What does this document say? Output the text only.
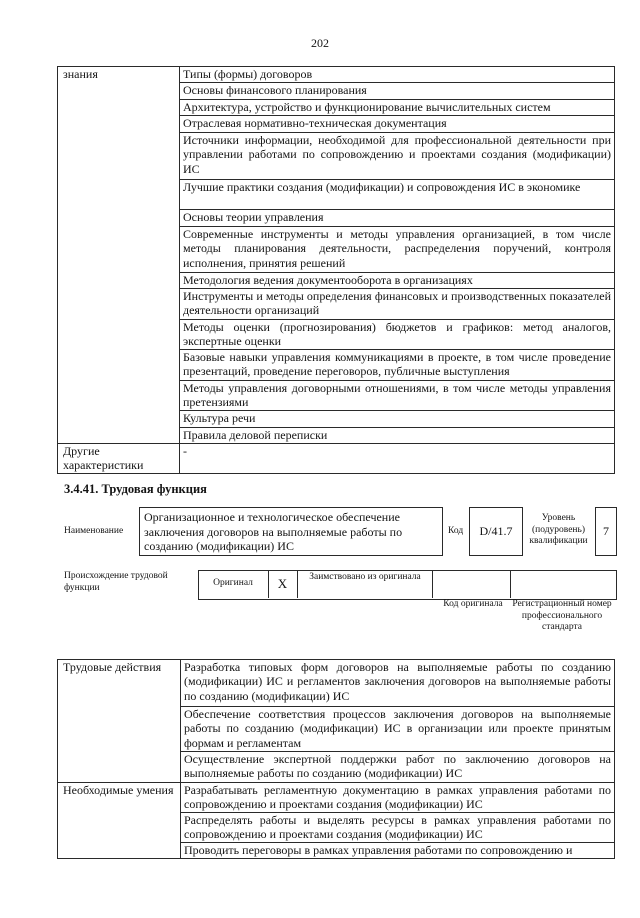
202
знания	Типы (формы) договоров
	Основы финансового планирования
	Архитектура, устройство и функционирование вычислительных систем
	Отраслевая нормативно-техническая документация
	Источники информации, необходимой для профессиональной деятельности при управлении работами по сопровождению и проектами создания (модификации) ИС
	Лучшие практики создания (модификации) и сопровождения ИС в экономике
	Основы теории управления
	Современные инструменты и методы управления организацией, в том числе методы планирования деятельности, распределения поручений, контроля исполнения, принятия решений
	Методология ведения документооборота в организациях
	Инструменты и методы определения финансовых и производственных показателей деятельности организаций
	Методы оценки (прогнозирования) бюджетов и графиков: метод аналогов, экспертные оценки
	Базовые навыки управления коммуникациями в проекте, в том числе проведение презентаций, проведение переговоров, публичные выступления
	Методы управления договорными отношениями, в том числе методы управления претензиями
	Культура речи
	Правила деловой переписки
Другие характеристики	-
3.4.41. Трудовая функция
Наименование
Организационное и технологическое обеспечение заключения договоров на выполняемые работы по созданию (модификации) ИС
Код	D/41.7
Уровень (подуровень) квалификации
7
Происхождение трудовой функции	Оригинал	X	Заимствовано из оригинала
Код оригинала Регистрационный номер профессионального стандарта
Трудовые действия	Разработка типовых форм договоров на выполняемые работы по созданию (модификации) ИС и регламентов заключения договоров на выполняемые работы по созданию (модификации) ИС
	Обеспечение соответствия процессов заключения договоров на выполняемые работы по созданию (модификации) ИС в организации или проекте принятым формам и регламентам
	Осуществление экспертной поддержки работ по заключению договоров на выполняемые работы по созданию (модификации) ИС
Необходимые умения	Разрабатывать регламентную документацию в рамках управления работами по сопровождению и проектами создания (модификации) ИС
	Распределять работы и выделять ресурсы в рамках управления работами по сопровождению и проектами создания (модификации) ИС
	Проводить переговоры в рамках управления работами по сопровождению и
